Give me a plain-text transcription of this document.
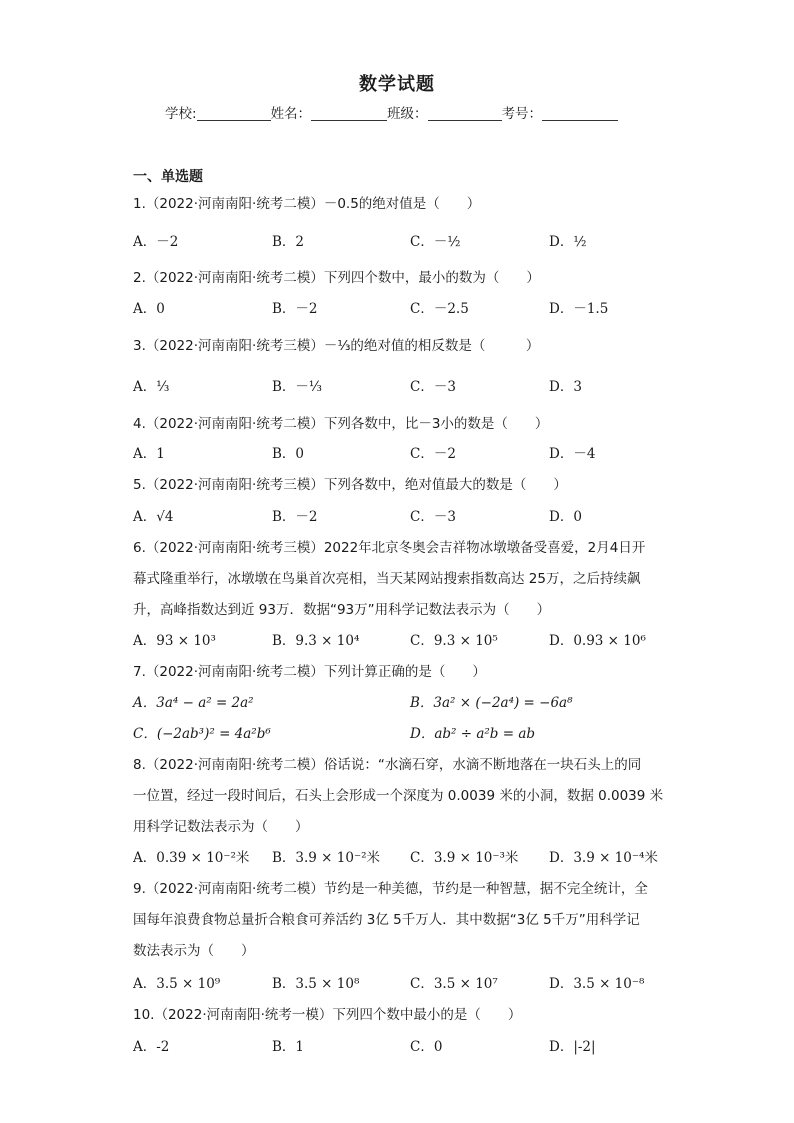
数学试题
学校:	姓名：	班级：	考号：
一、单选题
1.（2022·河南南阳·统考二模）－0.5的绝对值是（　　）
A．－2	B．2	C．－½	D．½
2.（2022·河南南阳·统考二模）下列四个数中，最小的数为（　　）
A．0	B．－2	C．－2.5	D．－1.5
3.（2022·河南南阳·统考三模）－⅓的绝对值的相反数是（　　　）
A．⅓	B．－⅓	C．－3	D．3
4.（2022·河南南阳·统考二模）下列各数中，比－3小的数是（　　）
A．1	B．0	C．－2	D．－4
5.（2022·河南南阳·统考三模）下列各数中，绝对值最大的数是（　　）
A．√4	B．－2	C．－3	D．0
6.（2022·河南南阳·统考三模）2022年北京冬奥会吉祥物冰墩墩备受喜爱，2月4日开
幕式隆重举行，冰墩墩在鸟巢首次亮相，当天某网站搜索指数高达 25万，之后持续飙
升，高峰指数达到近 93万．数据“93万”用科学记数法表示为（　　）
A．93 × 10³	B．9.3 × 10⁴	C．9.3 × 10⁵	D．0.93 × 10⁶
7.（2022·河南南阳·统考二模）下列计算正确的是（　　）
A．3a⁴ − a² = 2a²	B．3a² × (−2a⁴) = −6a⁸
C．(−2ab³)² = 4a²b⁶	D．ab² ÷ a²b = ab
8.（2022·河南南阳·统考二模）俗话说：“水滴石穿，水滴不断地落在一块石头上的同
一位置，经过一段时间后，石头上会形成一个深度为 0.0039 米的小洞，数据 0.0039 米
用科学记数法表示为（　　）
A．0.39 × 10⁻²米 B．3.9 × 10⁻²米 C．3.9 × 10⁻³米 D．3.9 × 10⁻⁴米
9.（2022·河南南阳·统考二模）节约是一种美德，节约是一种智慧，据不完全统计，全
国每年浪费食物总量折合粮食可养活约 3亿 5千万人．其中数据“3亿 5千万”用科学记
数法表示为（　　）
A．3.5 × 10⁹	B．3.5 × 10⁸	C．3.5 × 10⁷	D．3.5 × 10⁻⁸
10.（2022·河南南阳·统考一模）下列四个数中最小的是（　　）
A．-2	B．1	C．0	D．|-2|
